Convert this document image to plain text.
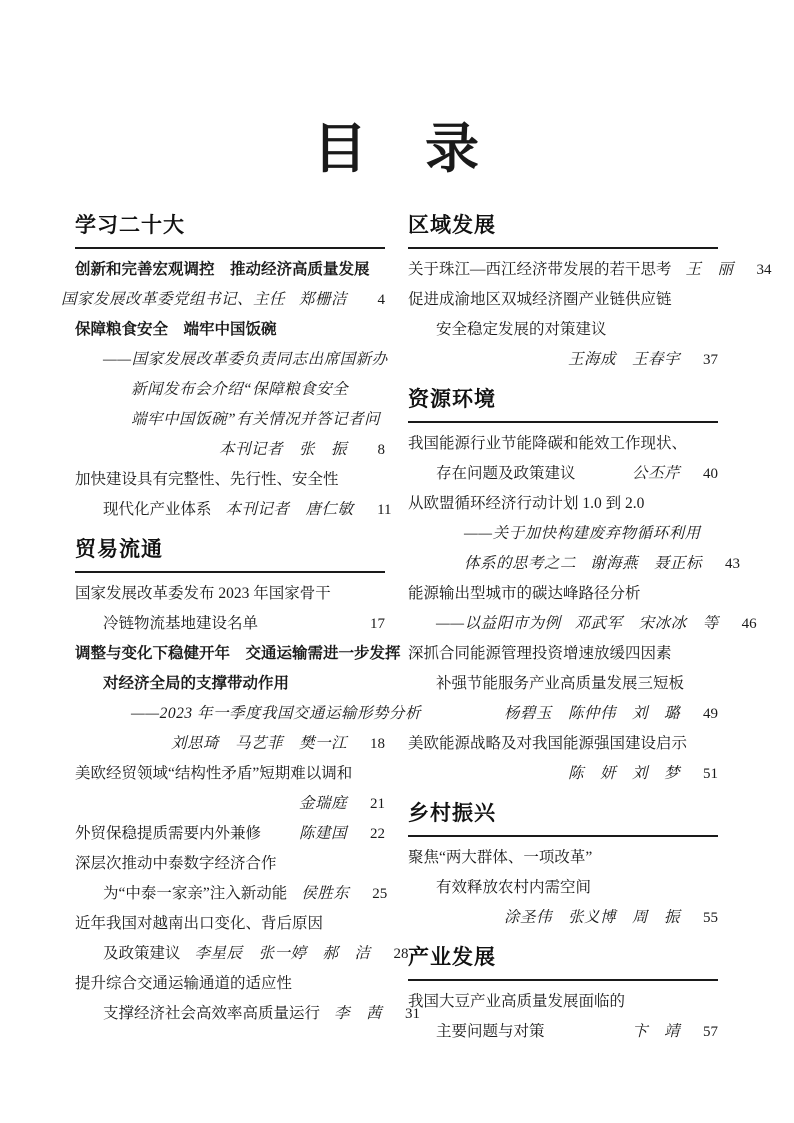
目　录
学习二十大
创新和完善宏观调控　推动经济高质量发展
国家发展改革委党组书记、主任 郑栅洁	4
保障粮食安全　端牢中国饭碗
——国家发展改革委负责同志出席国新办
新闻发布会介绍“保障粮食安全
端牢中国饭碗”有关情况并答记者问
本刊记者　张　振	8
加快建设具有完整性、先行性、安全性
现代化产业体系 本刊记者　唐仁敏	11
贸易流通
国家发展改革委发布 2023 年国家骨干
冷链物流基地建设名单	17
调整与变化下稳健开年　交通运输需进一步发挥
对经济全局的支撑带动作用
——2023 年一季度我国交通运输形势分析
刘思琦　马艺菲　樊一江	18
美欧经贸领域“结构性矛盾”短期难以调和
金瑞庭	21
外贸保稳提质需要内外兼修 陈建国	22
深层次推动中泰数字经济合作
为“中泰一家亲”注入新动能 侯胜东	25
近年我国对越南出口变化、背后原因
及政策建议 李星辰　张一婷　郝　洁	28
提升综合交通运输通道的适应性
支撑经济社会高效率高质量运行 李　茜	31
区域发展
关于珠江—西江经济带发展的若干思考 王　丽	34
促进成渝地区双城经济圈产业链供应链
安全稳定发展的对策建议
王海成　王春宇	37
资源环境
我国能源行业节能降碳和能效工作现状、
存在问题及政策建议	公丕芹	40
从欧盟循环经济行动计划 1.0 到 2.0
——关于加快构建废弃物循环利用
体系的思考之二 谢海燕　聂正标	43
能源输出型城市的碳达峰路径分析
——以益阳市为例 邓武军　宋冰冰　等	46
深抓合同能源管理投资增速放缓四因素
补强节能服务产业高质量发展三短板
杨碧玉　陈仲伟　刘　璐	49
美欧能源战略及对我国能源强国建设启示
陈　妍　刘　梦	51
乡村振兴
聚焦“两大群体、一项改革”
有效释放农村内需空间
涂圣伟　张义博　周　振	55
产业发展
我国大豆产业高质量发展面临的
主要问题与对策	卞　靖	57
